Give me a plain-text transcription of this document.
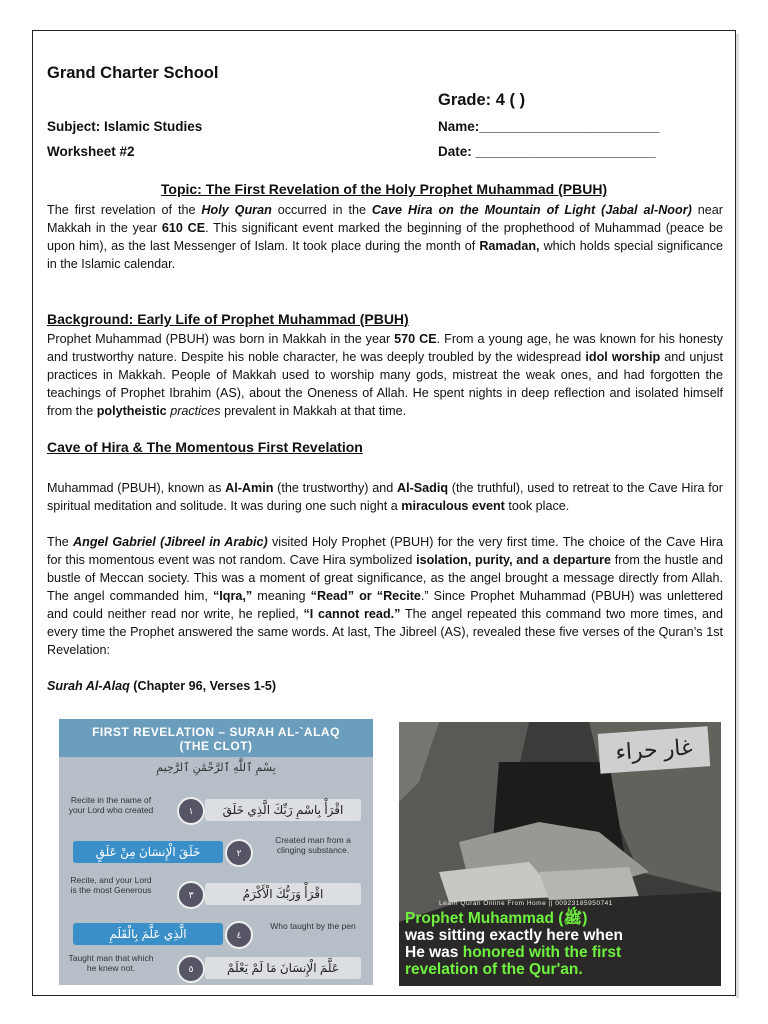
Grand Charter School
Grade: 4 ( )
Subject: Islamic Studies	Name:________________________
Worksheet #2	Date: ________________________
Topic: The First Revelation of the Holy Prophet Muhammad (PBUH)

The first revelation of the Holy Quran occurred in the Cave Hira on the Mountain of Light (Jabal al-Noor) near Makkah in the year 610 CE. This significant event marked the beginning of the prophethood of Muhammad (peace be upon him), as the last Messenger of Islam. It took place during the month of Ramadan, which holds special significance in the Islamic calendar.

Background: Early Life of Prophet Muhammad (PBUH)

Prophet Muhammad (PBUH) was born in Makkah in the year 570 CE. From a young age, he was known for his honesty and trustworthy nature. Despite his noble character, he was deeply troubled by the widespread idol worship and unjust practices in Makkah. People of Makkah used to worship many gods, mistreat the weak ones, and had forgotten the teachings of Prophet Ibrahim (AS), about the Oneness of Allah. He spent nights in deep reflection and isolated himself from the polytheistic practices prevalent in Makkah at that time.

Cave of Hira & The Momentous First Revelation

Muhammad (PBUH), known as Al-Amin (the trustworthy) and Al-Sadiq (the truthful), used to retreat to the Cave Hira for spiritual meditation and solitude. It was during one such night a miraculous event took place.

The Angel Gabriel (Jibreel in Arabic) visited Holy Prophet (PBUH) for the very first time. The choice of the Cave Hira for this momentous event was not random. Cave Hira symbolized isolation, purity, and a departure from the hustle and bustle of Meccan society. This was a moment of great significance, as the angel brought a message directly from Allah. The angel commanded him, “Iqra,” meaning “Read” or “Recite.” Since Prophet Muhammad (PBUH) was unlettered and could neither read nor write, he replied, “I cannot read.” The angel repeated this command two more times, and every time the Prophet answered the same words. At last, The Jibreel (AS), revealed these five verses of the Quran’s 1st Revelation:

Surah Al-Alaq (Chapter 96, Verses 1-5)
FIRST REVELATION – SURAH AL-`ALAQ
(THE CLOT)
بِسْمِ ٱللَّٰهِ ٱلرَّحْمَٰنِ ٱلرَّحِيمِ
Recite in the name of your Lord who created	١	اقْرَأْ بِاسْمِ رَبِّكَ الَّذِي خَلَقَ
خَلَقَ الْإِنسَانَ مِنْ عَلَقٍ	٢
Created man from a clinging substance.
Recite, and your Lord is the most Generous	٣	اقْرَأْ وَرَبُّكَ الْأَكْرَمُ
الَّذِي عَلَّمَ بِالْقَلَمِ	٤
Who taught by the pen
Taught man that which he knew not.	٥	عَلَّمَ الْإِنسَانَ مَا لَمْ يَعْلَمْ
غار حراء
Learn Quran Online From Home || 00923185950741
Prophet Muhammad (ﷺ)
was sitting exactly here when
He was honored with the first
revelation of the Qur'an.
